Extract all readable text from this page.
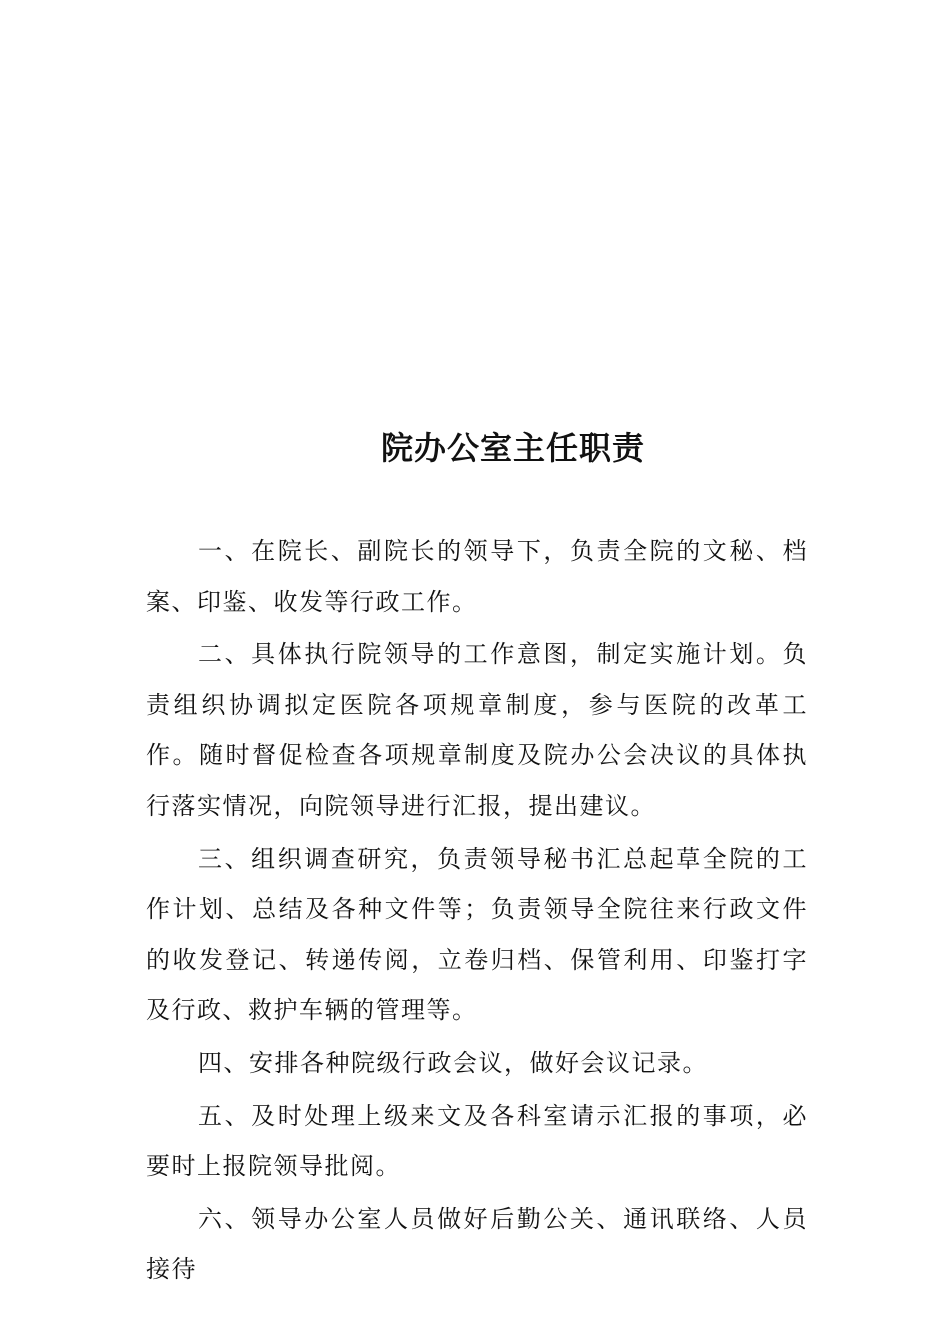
院办公室主任职责

一、在院长、副院长的领导下，负责全院的文秘、档案、印鉴、收发等行政工作。

二、具体执行院领导的工作意图，制定实施计划。负责组织协调拟定医院各项规章制度，参与医院的改革工作。随时督促检查各项规章制度及院办公会决议的具体执行落实情况，向院领导进行汇报，提出建议。

三、组织调查研究，负责领导秘书汇总起草全院的工作计划、总结及各种文件等；负责领导全院往来行政文件的收发登记、转递传阅，立卷归档、保管利用、印鉴打字及行政、救护车辆的管理等。

四、安排各种院级行政会议，做好会议记录。

五、及时处理上级来文及各科室请示汇报的事项，必要时上报院领导批阅。

六、领导办公室人员做好后勤公关、通讯联络、人员接待
